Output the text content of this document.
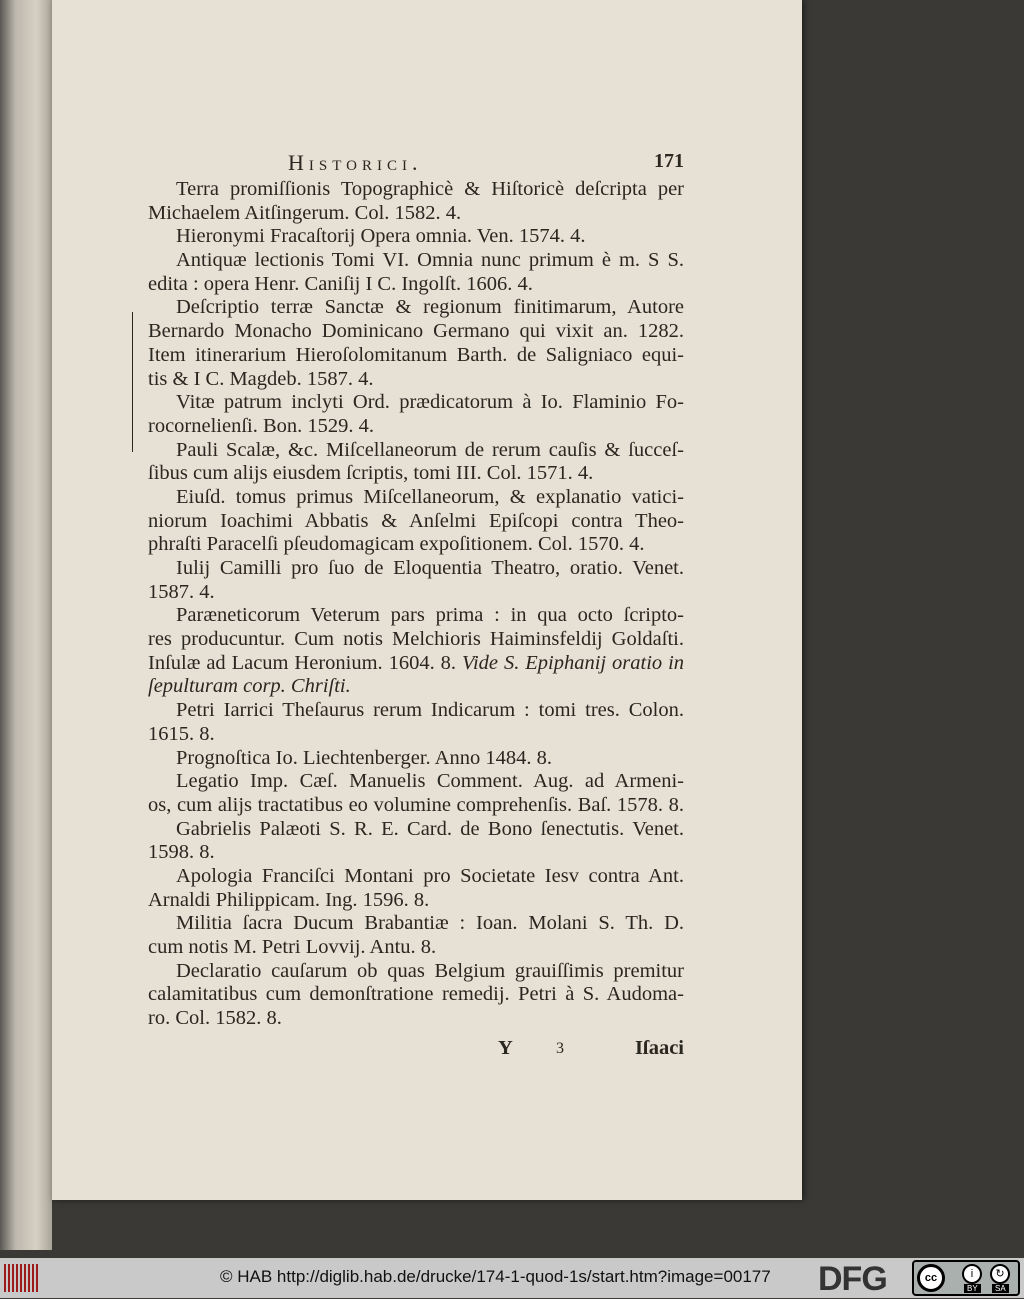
Historici.	171
Terra promiſſionis Topographicè & Hiſtoricè deſcripta per
Michaelem Aitſingerum. Col. 1582. 4.
Hieronymi Fracaſtorij Opera omnia. Ven. 1574. 4.
Antiquæ lectionis Tomi VI. Omnia nunc primum è m. S S.
edita : opera Henr. Caniſij I C. Ingolſt. 1606. 4.
Deſcriptio terræ Sanctæ & regionum finitimarum, Autore
Bernardo Monacho Dominicano Germano qui vixit an. 1282.
Item itinerarium Hieroſolomitanum Barth. de Saligniaco equi-
tis & I C. Magdeb. 1587. 4.
Vitæ patrum inclyti Ord. prædicatorum à Io. Flaminio Fo-
rocornelienſi. Bon. 1529. 4.
Pauli Scalæ, &c. Miſcellaneorum de rerum cauſis & ſucceſ-
ſibus cum alijs eiusdem ſcriptis, tomi III. Col. 1571. 4.
Eiuſd. tomus primus Miſcellaneorum, & explanatio vatici-
niorum Ioachimi Abbatis & Anſelmi Epiſcopi contra Theo-
phraſti Paracelſi pſeudomagicam expoſitionem. Col. 1570. 4.
Iulij Camilli pro ſuo de Eloquentia Theatro, oratio. Venet.
1587. 4.
Paræneticorum Veterum pars prima : in qua octo ſcripto-
res producuntur. Cum notis Melchioris Haiminsfeldij Goldaſti.
Inſulæ ad Lacum Heronium. 1604. 8. Vide S. Epiphanij oratio in
ſepulturam corp. Chriſti.
Petri Iarrici Theſaurus rerum Indicarum : tomi tres. Colon.
1615. 8.
Prognoſtica Io. Liechtenberger. Anno 1484. 8.
Legatio Imp. Cæſ. Manuelis Comment. Aug. ad Armeni-
os, cum alijs tractatibus eo volumine comprehenſis. Baſ. 1578. 8.
Gabrielis Palæoti S. R. E. Card. de Bono ſenectutis. Venet.
1598. 8.
Apologia Franciſci Montani pro Societate Iesv contra Ant.
Arnaldi Philippicam. Ing. 1596. 8.
Militia ſacra Ducum Brabantiæ : Ioan. Molani S. Th. D.
cum notis M. Petri Lovvij. Antu. 8.
Declaratio cauſarum ob quas Belgium grauiſſimis premitur
calamitatibus cum demonſtratione remedij. Petri à S. Audoma-
ro. Col. 1582. 8.
Y	3	Iſaaci
© HAB http://diglib.hab.de/drucke/174-1-quod-1s/start.htm?image=00177 DFG	cc	i	↻
BY	SA
